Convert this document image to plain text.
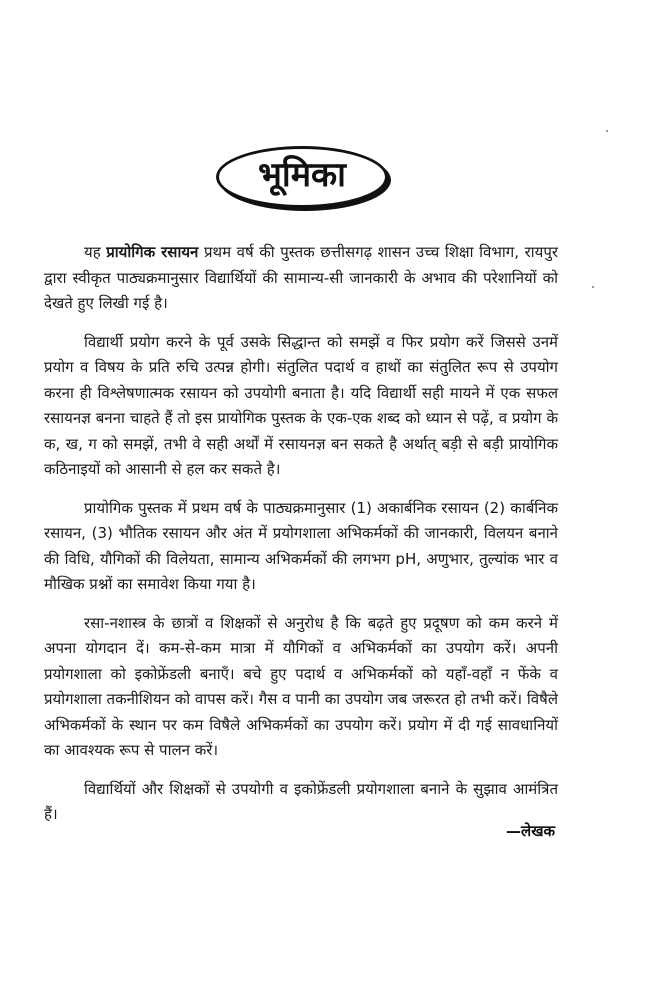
भूमिका

यह प्रायोगिक रसायन प्रथम वर्ष की पुस्तक छत्तीसगढ़ शासन उच्च शिक्षा विभाग, रायपुर द्वारा स्वीकृत पाठ्यक्रमानुसार विद्यार्थियों की सामान्य-सी जानकारी के अभाव की परेशानियों को देखते हुए लिखी गई है।

विद्यार्थी प्रयोग करने के पूर्व उसके सिद्धान्त को समझें व फिर प्रयोग करें जिससे उनमें प्रयोग व विषय के प्रति रुचि उत्पन्न होगी। संतुलित पदार्थ व हाथों का संतुलित रूप से उपयोग करना ही विश्लेषणात्मक रसायन को उपयोगी बनाता है। यदि विद्यार्थी सही मायने में एक सफल रसायनज्ञ बनना चाहते हैं तो इस प्रायोगिक पुस्तक के एक-एक शब्द को ध्यान से पढ़ें, व प्रयोग के क, ख, ग को समझें, तभी वे सही अर्थों में रसायनज्ञ बन सकते है अर्थात् बड़ी से बड़ी प्रायोगिक कठिनाइयों को आसानी से हल कर सकते है।

प्रायोगिक पुस्तक में प्रथम वर्ष के पाठ्यक्रमानुसार (1) अकार्बनिक रसायन (2) कार्बनिक रसायन, (3) भौतिक रसायन और अंत में प्रयोगशाला अभिकर्मकों की जानकारी, विलयन बनाने की विधि, यौगिकों की विलेयता, सामान्य अभिकर्मकों की लगभग pH, अणुभार, तुल्यांक भार व मौखिक प्रश्नों का समावेश किया गया है।

रसा-नशास्त्र के छात्रों व शिक्षकों से अनुरोध है कि बढ़ते हुए प्रदूषण को कम करने में अपना योगदान दें। कम-से-कम मात्रा में यौगिकों व अभिकर्मकों का उपयोग करें। अपनी प्रयोगशाला को इकोफ्रेंडली बनाएँ। बचे हुए पदार्थ व अभिकर्मकों को यहाँ-वहाँ न फेंके व प्रयोगशाला तकनीशियन को वापस करें। गैस व पानी का उपयोग जब जरूरत हो तभी करें। विषैले अभिकर्मकों के स्थान पर कम विषैले अभिकर्मकों का उपयोग करें। प्रयोग में दी गई सावधानियों का आवश्यक रूप से पालन करें।

विद्यार्थियों और शिक्षकों से उपयोगी व इकोफ्रेंडली प्रयोगशाला बनाने के सुझाव आमंत्रित हैं।

—लेखक
